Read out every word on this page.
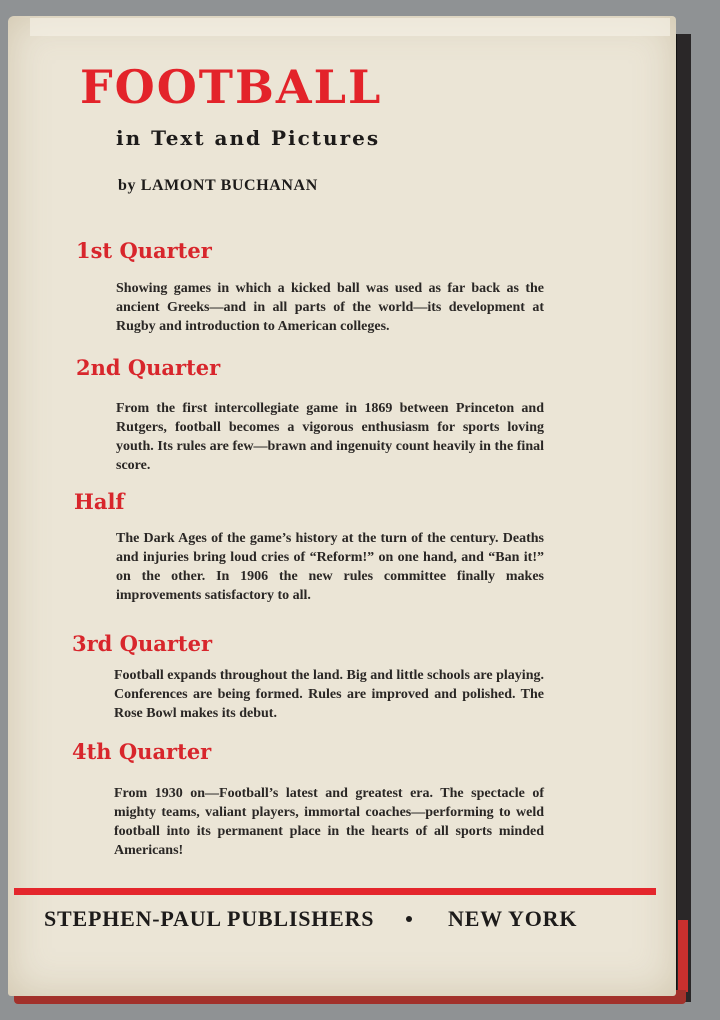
FOOTBALL
in Text and Pictures
by LAMONT BUCHANAN
1st Quarter

Showing games in which a kicked ball was used as far back as the ancient Greeks—and in all parts of the world—its development at Rugby and introduction to American colleges.

2nd Quarter

From the first intercollegiate game in 1869 between Princeton and Rutgers, football becomes a vigorous enthusiasm for sports loving youth. Its rules are few—brawn and ingenuity count heavily in the final score.

Half

The Dark Ages of the game’s history at the turn of the century. Deaths and injuries bring loud cries of “Reform!” on one hand, and “Ban it!” on the other. In 1906 the new rules committee finally makes improvements satisfactory to all.

3rd Quarter

Football expands throughout the land. Big and little schools are playing. Conferences are being formed. Rules are improved and polished. The Rose Bowl makes its debut.

4th Quarter

From 1930 on—Football’s latest and greatest era. The spectacle of mighty teams, valiant players, immortal coaches—performing to weld football into its permanent place in the hearts of all sports minded Americans!

STEPHEN-PAUL PUBLISHERS	NEW YORK
